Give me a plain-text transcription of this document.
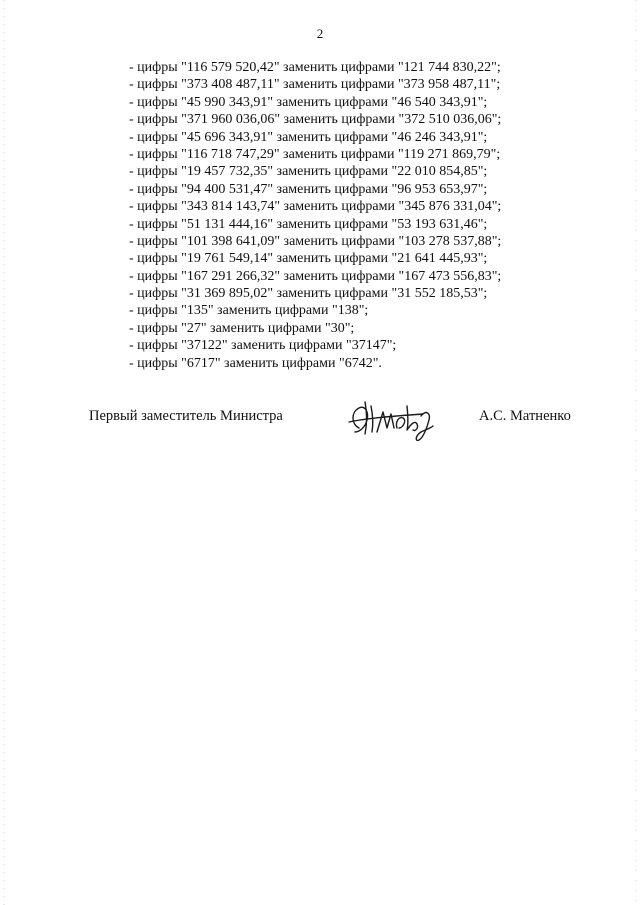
2
- цифры "116 579 520,42" заменить цифрами "121 744 830,22";
- цифры "373 408 487,11" заменить цифрами "373 958 487,11";
- цифры "45 990 343,91" заменить цифрами "46 540 343,91";
- цифры "371 960 036,06" заменить цифрами "372 510 036,06";
- цифры "45 696 343,91" заменить цифрами "46 246 343,91";
- цифры "116 718 747,29" заменить цифрами "119 271 869,79";
- цифры "19 457 732,35" заменить цифрами "22 010 854,85";
- цифры "94 400 531,47" заменить цифрами "96 953 653,97";
- цифры "343 814 143,74" заменить цифрами "345 876 331,04";
- цифры "51 131 444,16" заменить цифрами "53 193 631,46";
- цифры "101 398 641,09" заменить цифрами "103 278 537,88";
- цифры "19 761 549,14" заменить цифрами "21 641 445,93";
- цифры "167 291 266,32" заменить цифрами "167 473 556,83";
- цифры "31 369 895,02" заменить цифрами "31 552 185,53";
- цифры "135" заменить цифрами "138";
- цифры "27" заменить цифрами "30";
- цифры "37122" заменить цифрами "37147";
- цифры "6717" заменить цифрами "6742".
Первый заместитель Министра	А.С. Матненко
